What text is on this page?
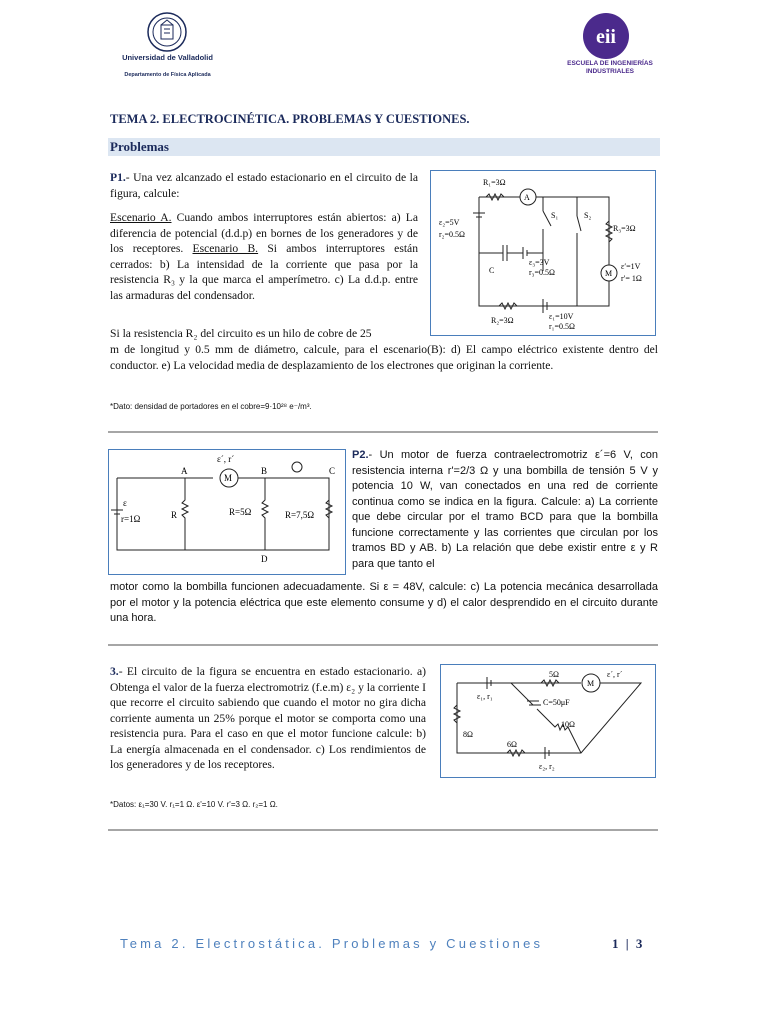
Universidad de Valladolid
Departamento de Física Aplicada
eii
ESCUELA DE INGENIERÍAS INDUSTRIALES
TEMA 2. ELECTROCINÉTICA. PROBLEMAS Y CUESTIONES.
Problemas
P1.- Una vez alcanzado el estado estacionario en el circuito de la figura, calcule:
Escenario A. Cuando ambos interruptores están abiertos: a) La diferencia de potencial (d.d.p) en bornes de los generadores y de los receptores. Escenario B. Si ambos interruptores están cerrados: b) La intensidad de la corriente que pasa por la resistencia R₃ y la que marca el amperímetro. c) La d.d.p. entre las armaduras del condensador.
Si la resistencia R₂ del circuito es un hilo de cobre de 25
m de longitud y 0.5 mm de diámetro, calcule, para el escenario(B): d) El campo eléctrico existente dentro del conductor. e) La velocidad media de desplazamiento de los electrones que originan la corriente.
*Dato: densidad de portadores en el cobre=9·10²⁸ e⁻/m³.
R₁=3Ω
A
S₁	S₂
ε₂=5V
r₂=0.5Ω
R₃=3Ω
C
ε₃=3V
r₃=0.5Ω	M
ε′=1V
r′= 1Ω
R₂=3Ω	ε₁=10V
r₁=0.5Ω
ε´, r´
M
A	B	C
D
ε
r=1Ω	R	R=5Ω	R=7,5Ω
P2.- Un motor de fuerza contraelectromotriz ε´=6 V, con resistencia interna r'=2/3 Ω y una bombilla de tensión 5 V y potencia 10 W, van conectados en una red de corriente continua como se indica en la figura. Calcule: a) La corriente que debe circular por el tramo BCD para que la bombilla funcione correctamente y las corrientes que circulan por los tramos BD y AB. b) La relación que debe existir entre ε y R para que tanto el
motor como la bombilla funcionen adecuadamente. Si ε = 48V, calcule: c) La potencia mecánica desarrollada por el motor y la potencia eléctrica que este elemento consume y d) el calor desprendido en el circuito durante una hora.
3.- El circuito de la figura se encuentra en estado estacionario. a) Obtenga el valor de la fuerza electromotriz (f.e.m) ε₂ y la corriente I que recorre el circuito sabiendo que cuando el motor no gira dicha corriente aumenta un 25% porque el motor se comporta como una resistencia pura. Para el caso en que el motor funcione calcule: b) La energía almacenada en el condensador. c) Los rendimientos de los generadores y de los receptores.
*Datos: ε₁=30 V. r₁=1 Ω. ε'=10 V. r'=3 Ω. r₂=1 Ω.
ε₁, r₁
5Ω
M
ε´, r´
C=50μF
10Ω
8Ω
6Ω
ε₂, r₂
Tema 2. Electrostática. Problemas y Cuestiones	1 | 3
